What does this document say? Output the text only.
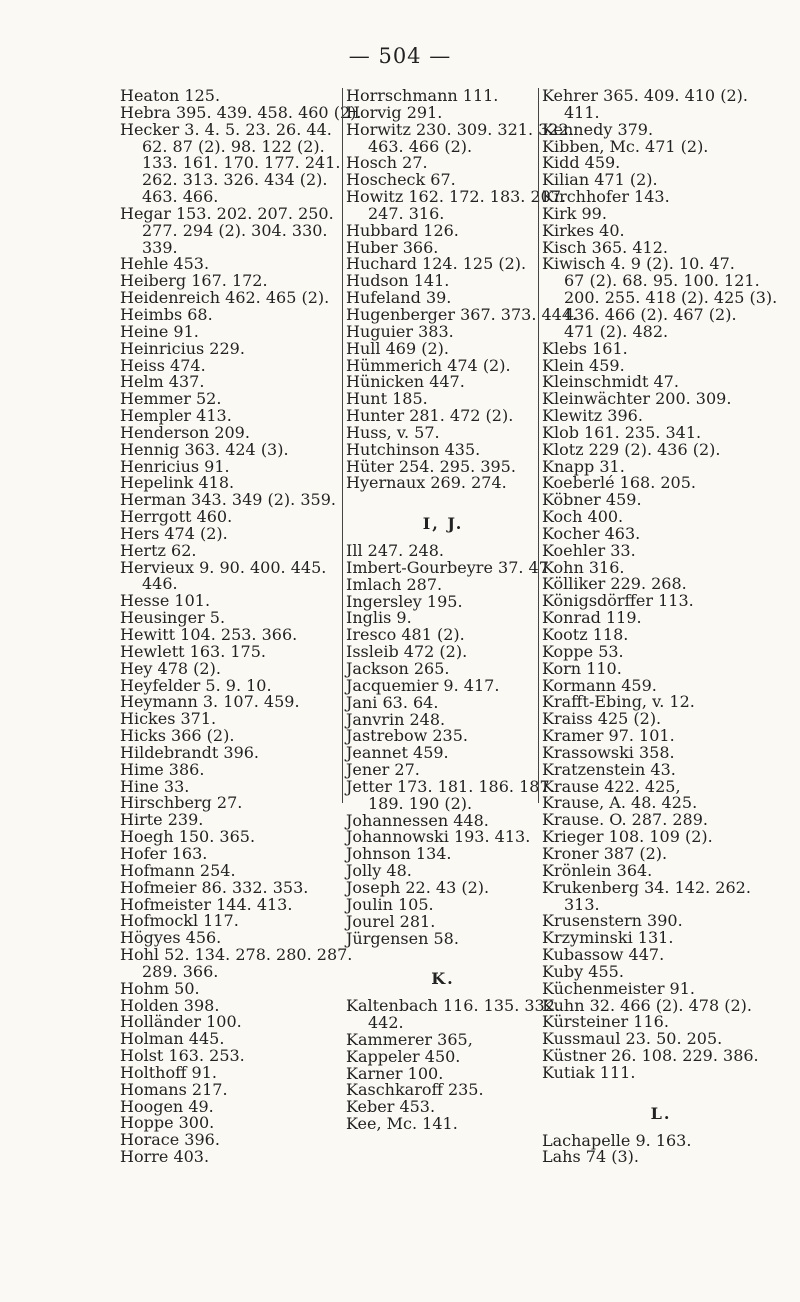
— 504 —
Heaton 125.
Hebra 395. 439. 458. 460 (2).
Hecker 3. 4. 5. 23. 26. 44.
62. 87 (2). 98. 122 (2).
133. 161. 170. 177. 241.
262. 313. 326. 434 (2).
463. 466.
Hegar 153. 202. 207. 250.
277. 294 (2). 304. 330.
339.
Hehle 453.
Heiberg 167. 172.
Heidenreich 462. 465 (2).
Heimbs 68.
Heine 91.
Heinricius 229.
Heiss 474.
Helm 437.
Hemmer 52.
Hempler 413.
Henderson 209.
Hennig 363. 424 (3).
Henricius 91.
Hepelink 418.
Herman 343. 349 (2). 359.
Herrgott 460.
Hers 474 (2).
Hertz 62.
Hervieux 9. 90. 400. 445.
446.
Hesse 101.
Heusinger 5.
Hewitt 104. 253. 366.
Hewlett 163. 175.
Hey 478 (2).
Heyfelder 5. 9. 10.
Heymann 3. 107. 459.
Hickes 371.
Hicks 366 (2).
Hildebrandt 396.
Hime 386.
Hine 33.
Hirschberg 27.
Hirte 239.
Hoegh 150. 365.
Hofer 163.
Hofmann 254.
Hofmeier 86. 332. 353.
Hofmeister 144. 413.
Hofmockl 117.
Högyes 456.
Hohl 52. 134. 278. 280. 287.
289. 366.
Hohm 50.
Holden 398.
Holländer 100.
Holman 445.
Holst 163. 253.
Holthoff 91.
Homans 217.
Hoogen 49.
Hoppe 300.
Horace 396.
Horre 403.
Horrschmann 111.
Horvig 291.
Horwitz 230. 309. 321. 322.
463. 466 (2).
Hosch 27.
Hoscheck 67.
Howitz 162. 172. 183. 207.
247. 316.
Hubbard 126.
Huber 366.
Huchard 124. 125 (2).
Hudson 141.
Hufeland 39.
Hugenberger 367. 373. 444.
Huguier 383.
Hull 469 (2).
Hümmerich 474 (2).
Hünicken 447.
Hunt 185.
Hunter 281. 472 (2).
Huss, v. 57.
Hutchinson 435.
Hüter 254. 295. 395.
Hyernaux 269. 274.
I, J.
Ill 247. 248.
Imbert-Gourbeyre 37. 47.
Imlach 287.
Ingersley 195.
Inglis 9.
Iresco 481 (2).
Issleib 472 (2).
Jackson 265.
Jacquemier 9. 417.
Jani 63. 64.
Janvrin 248.
Jastrebow 235.
Jeannet 459.
Jener 27.
Jetter 173. 181. 186. 187.
189. 190 (2).
Johannessen 448.
Johannowski 193. 413.
Johnson 134.
Jolly 48.
Joseph 22. 43 (2).
Joulin 105.
Jourel 281.
Jürgensen 58.
K.
Kaltenbach 116. 135. 332.
442.
Kammerer 365,
Kappeler 450.
Karner 100.
Kaschkaroff 235.
Keber 453.
Kee, Mc. 141.
Kehrer 365. 409. 410 (2).
411.
Kennedy 379.
Kibben, Mc. 471 (2).
Kidd 459.
Kilian 471 (2).
Kirchhofer 143.
Kirk 99.
Kirkes 40.
Kisch 365. 412.
Kiwisch 4. 9 (2). 10. 47.
67 (2). 68. 95. 100. 121.
200. 255. 418 (2). 425 (3).
436. 466 (2). 467 (2).
471 (2). 482.
Klebs 161.
Klein 459.
Kleinschmidt 47.
Kleinwächter 200. 309.
Klewitz 396.
Klob 161. 235. 341.
Klotz 229 (2). 436 (2).
Knapp 31.
Koeberlé 168. 205.
Köbner 459.
Koch 400.
Kocher 463.
Koehler 33.
Kohn 316.
Kölliker 229. 268.
Königsdörffer 113.
Konrad 119.
Kootz 118.
Koppe 53.
Korn 110.
Kormann 459.
Krafft-Ebing, v. 12.
Kraiss 425 (2).
Kramer 97. 101.
Krassowski 358.
Kratzenstein 43.
Krause 422. 425,
Krause, A. 48. 425.
Krause. O. 287. 289.
Krieger 108. 109 (2).
Kroner 387 (2).
Krönlein 364.
Krukenberg 34. 142. 262.
313.
Krusenstern 390.
Krzyminski 131.
Kubassow 447.
Kuby 455.
Küchenmeister 91.
Kuhn 32. 466 (2). 478 (2).
Kürsteiner 116.
Kussmaul 23. 50. 205.
Küstner 26. 108. 229. 386.
Kutiak 111.
L.
Lachapelle 9. 163.
Lahs 74 (3).
